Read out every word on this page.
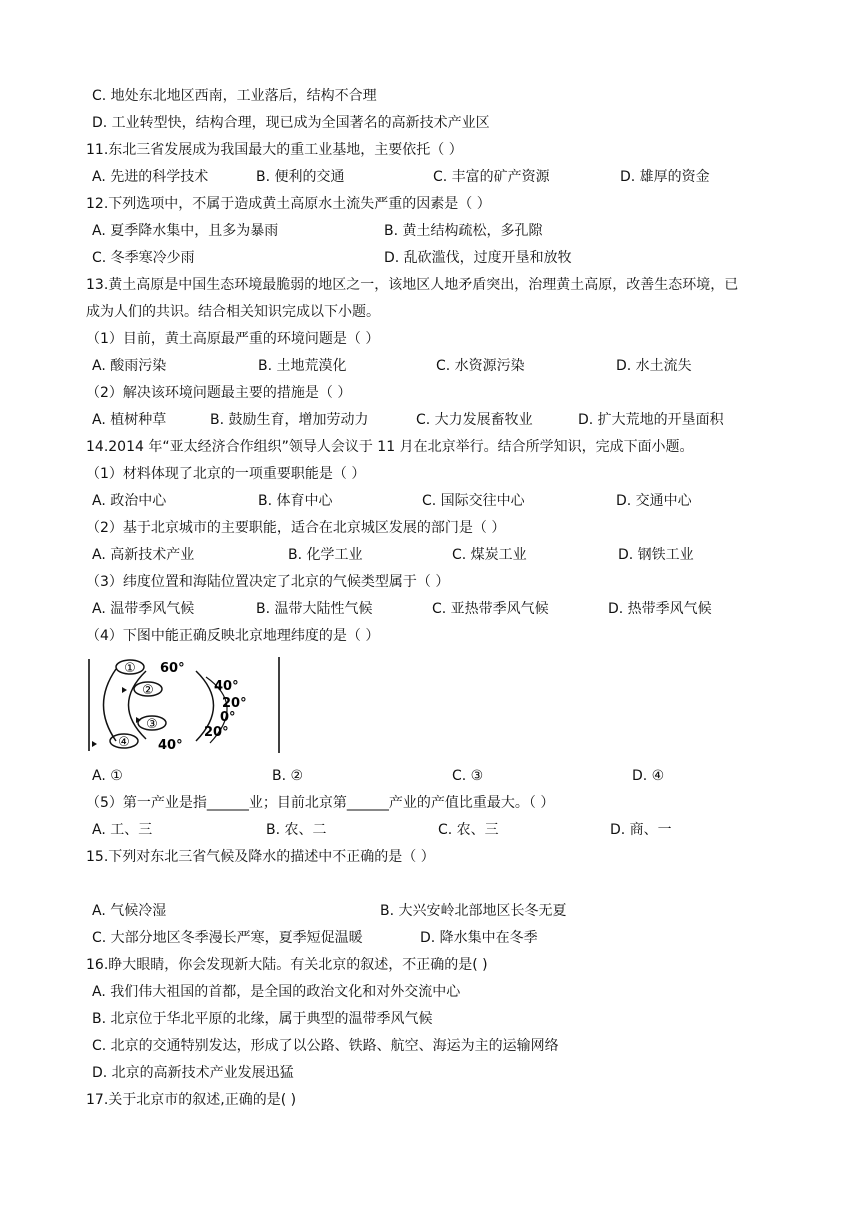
C. 地处东北地区西南，工业落后，结构不合理
D. 工业转型快，结构合理，现已成为全国著名的高新技术产业区
11.东北三省发展成为我国最大的重工业基地，主要依托（ ）
A. 先进的科学技术	B. 便利的交通	C. 丰富的矿产资源	D. 雄厚的资金
12.下列选项中，不属于造成黄土高原水土流失严重的因素是（ ）
A. 夏季降水集中，且多为暴雨	B. 黄土结构疏松，多孔隙
C. 冬季寒冷少雨	D. 乱砍滥伐，过度开垦和放牧
13.黄土高原是中国生态环境最脆弱的地区之一，该地区人地矛盾突出，治理黄土高原，改善生态环境，已
成为人们的共识。结合相关知识完成以下小题。
（1）目前，黄土高原最严重的环境问题是（ ）
A. 酸雨污染	B. 土地荒漠化	C. 水资源污染	D. 水土流失
（2）解决该环境问题最主要的措施是（ ）
A. 植树种草	B. 鼓励生育，增加劳动力	C. 大力发展畜牧业	D. 扩大荒地的开垦面积
14.2014 年“亚太经济合作组织”领导人会议于 11 月在北京举行。结合所学知识，完成下面小题。
（1）材料体现了北京的一项重要职能是（ ）
A. 政治中心	B. 体育中心	C. 国际交往中心	D. 交通中心
（2）基于北京城市的主要职能，适合在北京城区发展的部门是（ ）
A. 高新技术产业	B. 化学工业	C. 煤炭工业	D. 钢铁工业
（3）纬度位置和海陆位置决定了北京的气候类型属于（ ）
A. 温带季风气候	B. 温带大陆性气候	C. 亚热带季风气候	D. 热带季风气候
（4）下图中能正确反映北京地理纬度的是（ ）
①
②
③
④
60°
40°
20°
0°
20°
40°
A. ①	B. ②	C. ③	D. ④
（5）第一产业是指______业；目前北京第______产业的产值比重最大。（ ）
A. 工、三	B. 农、二	C. 农、三	D. 商、一
15.下列对东北三省气候及降水的描述中不正确的是（ ）
A. 气候冷湿	B. 大兴安岭北部地区长冬无夏
C. 大部分地区冬季漫长严寒，夏季短促温暖	D. 降水集中在冬季
16.睁大眼睛，你会发现新大陆。有关北京的叙述，不正确的是( )
A. 我们伟大祖国的首都，是全国的政治文化和对外交流中心
B. 北京位于华北平原的北缘，属于典型的温带季风气候
C. 北京的交通特别发达，形成了以公路、铁路、航空、海运为主的运输网络
D. 北京的高新技术产业发展迅猛
17.关于北京市的叙述,正确的是( )
